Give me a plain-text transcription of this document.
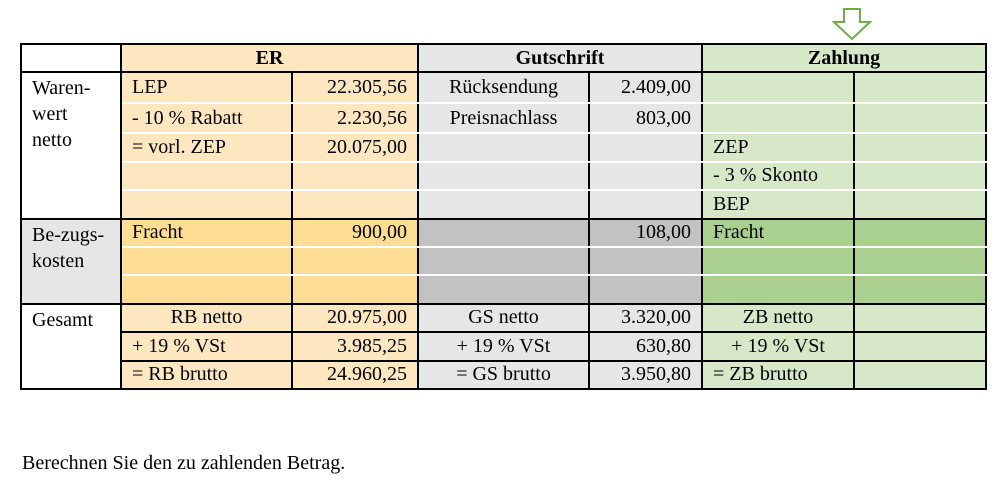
	ER		Gutschrift		Zahlung	
Waren-wert netto	LEP	22.305,56	Rücksendung	2.409,00		
	- 10 % Rabatt	2.230,56	Preisnachlass	803,00		
	= vorl. ZEP	20.075,00			ZEP	
					- 3 % Skonto	
					BEP	
Be-zugs-kosten	Fracht	900,00		108,00	Fracht	

Gesamt	RB netto	20.975,00	GS netto	3.320,00	ZB netto	
	+ 19 % VSt	3.985,25	+ 19 % VSt	630,80	+ 19 % VSt	
	= RB brutto	24.960,25	= GS brutto	3.950,80	= ZB brutto	
Berechnen Sie den zu zahlenden Betrag.
